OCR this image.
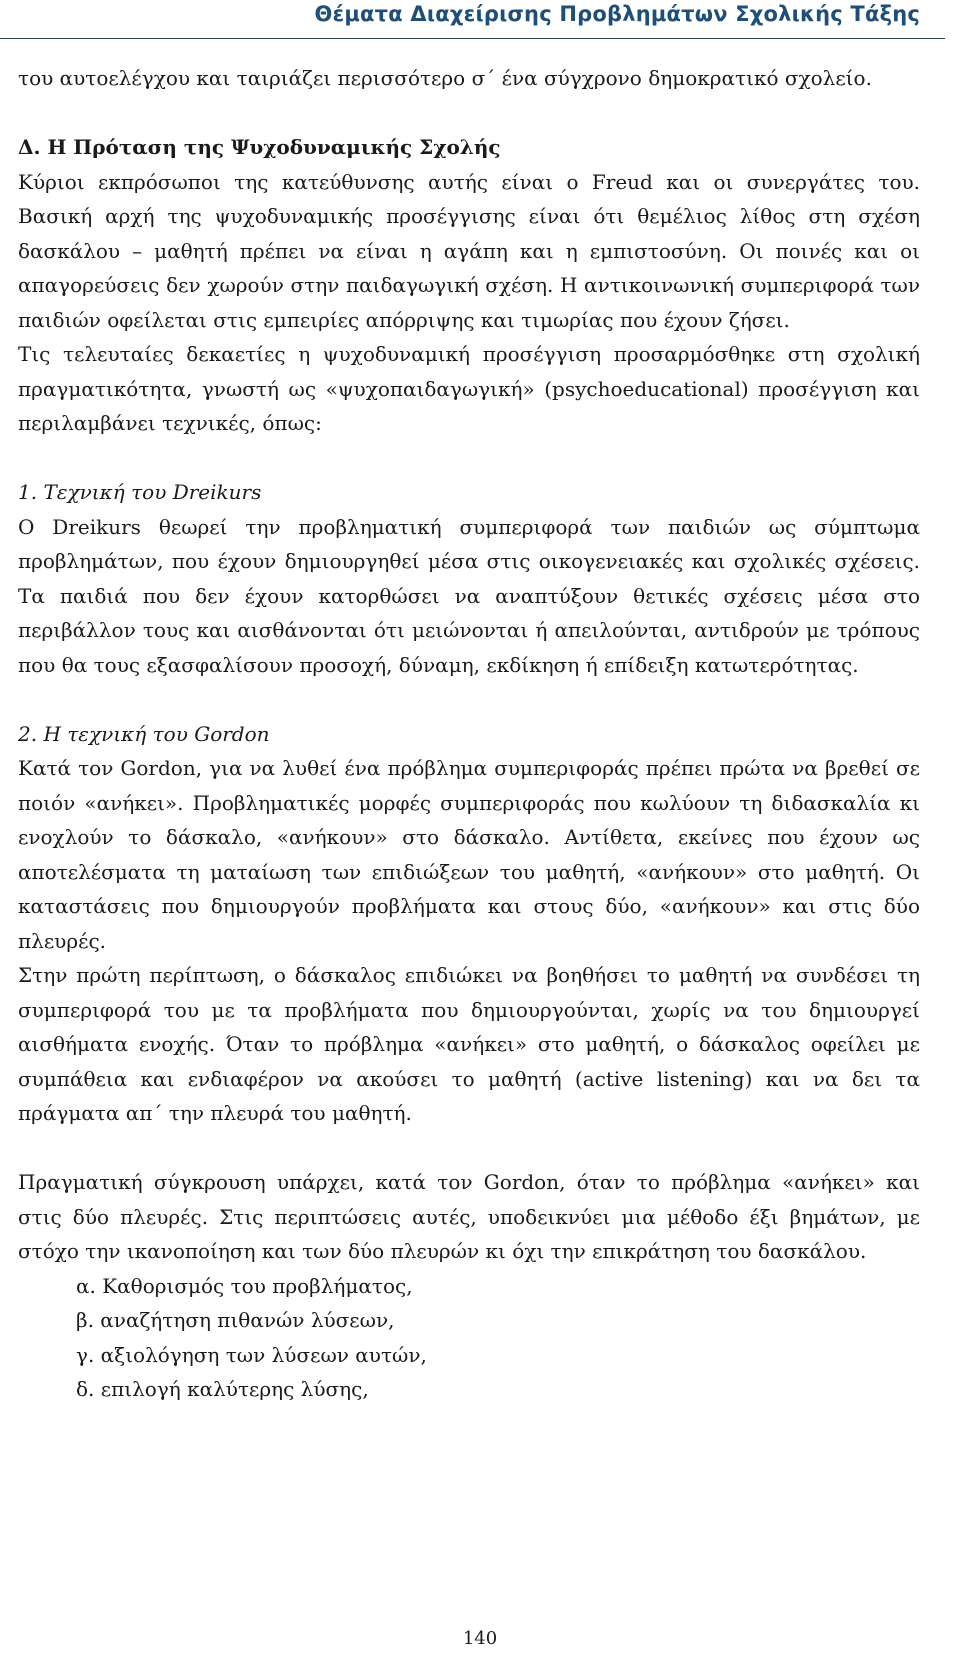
Θέματα Διαχείρισης Προβλημάτων Σχολικής Τάξης

του αυτοελέγχου και ταιριάζει περισσότερο σ΄ ένα σύγχρονο δημοκρατικό σχολείο.

Δ. Η Πρόταση της Ψυχοδυναμικής Σχολής

Κύριοι εκπρόσωποι της κατεύθυνσης αυτής είναι ο Freud και οι συνεργάτες του. Βασική αρχή της ψυχοδυναμικής προσέγγισης είναι ότι θεμέλιος λίθος στη σχέση δασκάλου – μαθητή πρέπει να είναι η αγάπη και η εμπιστοσύνη. Οι ποινές και οι απαγορεύσεις δεν χωρούν στην παιδαγωγική σχέση. Η αντικοινωνική συμπεριφορά των παιδιών οφείλεται στις εμπειρίες απόρριψης και τιμωρίας που έχουν ζήσει.

Τις τελευταίες δεκαετίες η ψυχοδυναμική προσέγγιση προσαρμόσθηκε στη σχολική πραγματικότητα, γνωστή ως «ψυχοπαιδαγωγική» (psychoeducational) προσέγγιση και περιλαμβάνει τεχνικές, όπως:

1. Τεχνική του Dreikurs

Ο Dreikurs θεωρεί την προβληματική συμπεριφορά των παιδιών ως σύμπτωμα προβλημάτων, που έχουν δημιουργηθεί μέσα στις οικογενειακές και σχολικές σχέσεις. Τα παιδιά που δεν έχουν κατορθώσει να αναπτύξουν θετικές σχέσεις μέσα στο περιβάλλον τους και αισθάνονται ότι μειώνονται ή απειλούνται, αντιδρούν με τρόπους που θα τους εξασφαλίσουν προσοχή, δύναμη, εκδίκηση ή επίδειξη κατωτερότητας.

2. Η τεχνική του Gordon

Κατά τον Gordon, για να λυθεί ένα πρόβλημα συμπεριφοράς πρέπει πρώτα να βρεθεί σε ποιόν «ανήκει». Προβληματικές μορφές συμπεριφοράς που κωλύουν τη διδασκαλία κι ενοχλούν το δάσκαλο, «ανήκουν» στο δάσκαλο. Αντίθετα, εκείνες που έχουν ως αποτελέσματα τη ματαίωση των επιδιώξεων του μαθητή, «ανήκουν» στο μαθητή. Οι καταστάσεις που δημιουργούν προβλήματα και στους δύο, «ανήκουν» και στις δύο πλευρές.

Στην πρώτη περίπτωση, ο δάσκαλος επιδιώκει να βοηθήσει το μαθητή να συνδέσει τη συμπεριφορά του με τα προβλήματα που δημιουργούνται, χωρίς να του δημιουργεί αισθήματα ενοχής. Όταν το πρόβλημα «ανήκει» στο μαθητή, ο δάσκαλος οφείλει με συμπάθεια και ενδιαφέρον να ακούσει το μαθητή (active listening) και να δει τα πράγματα απ΄ την πλευρά του μαθητή.

Πραγματική σύγκρουση υπάρχει, κατά τον Gordon, όταν το πρόβλημα «ανήκει» και στις δύο πλευρές. Στις περιπτώσεις αυτές, υποδεικνύει μια μέθοδο έξι βημάτων, με στόχο την ικανοποίηση και των δύο πλευρών κι όχι την επικράτηση του δασκάλου.

α. Καθορισμός του προβλήματος,
β. αναζήτηση πιθανών λύσεων,
γ. αξιολόγηση των λύσεων αυτών,
δ. επιλογή καλύτερης λύσης,
140
